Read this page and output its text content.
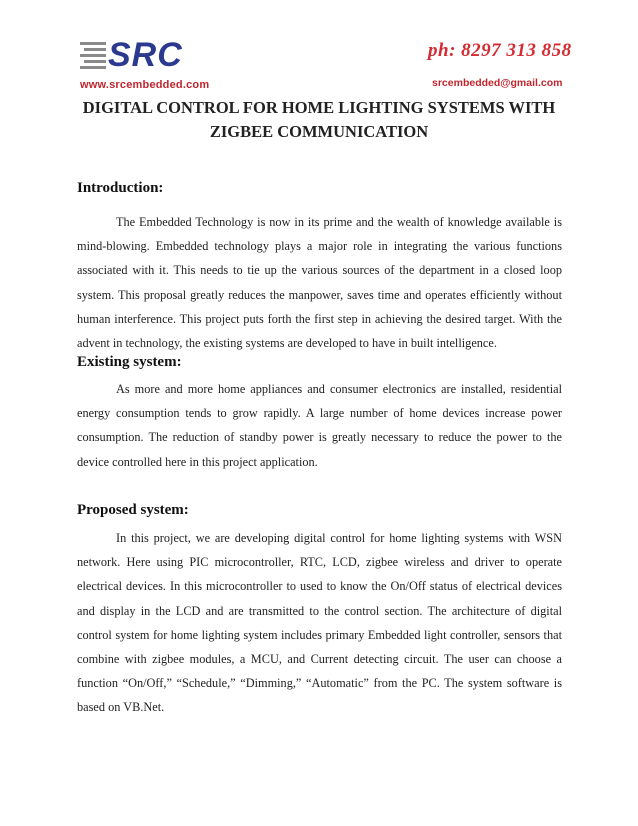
SRC	ph: 8297 313 858
www.srcembedded.com	srcembedded@gmail.com
DIGITAL CONTROL FOR HOME LIGHTING SYSTEMS WITH ZIGBEE COMMUNICATION
Introduction:

The Embedded Technology is now in its prime and the wealth of knowledge available is mind-blowing. Embedded technology plays a major role in integrating the various functions associated with it. This needs to tie up the various sources of the department in a closed loop system. This proposal greatly reduces the manpower, saves time and operates efficiently without human interference. This project puts forth the first step in achieving the desired target. With the advent in technology, the existing systems are developed to have in built intelligence.

Existing system:

As more and more home appliances and consumer electronics are installed, residential energy consumption tends to grow rapidly. A large number of home devices increase power consumption. The reduction of standby power is greatly necessary to reduce the power to the device controlled here in this project application.

Proposed system:

In this project, we are developing digital control for home lighting systems with WSN network. Here using PIC microcontroller, RTC, LCD, zigbee wireless and driver to operate electrical devices. In this microcontroller to used to know the On/Off status of electrical devices and display in the LCD and are transmitted to the control section. The architecture of digital control system for home lighting system includes primary Embedded light controller, sensors that combine with zigbee modules, a MCU, and Current detecting circuit. The user can choose a function “On/Off,” “Schedule,” “Dimming,” “Automatic” from the PC. The system software is based on VB.Net.
